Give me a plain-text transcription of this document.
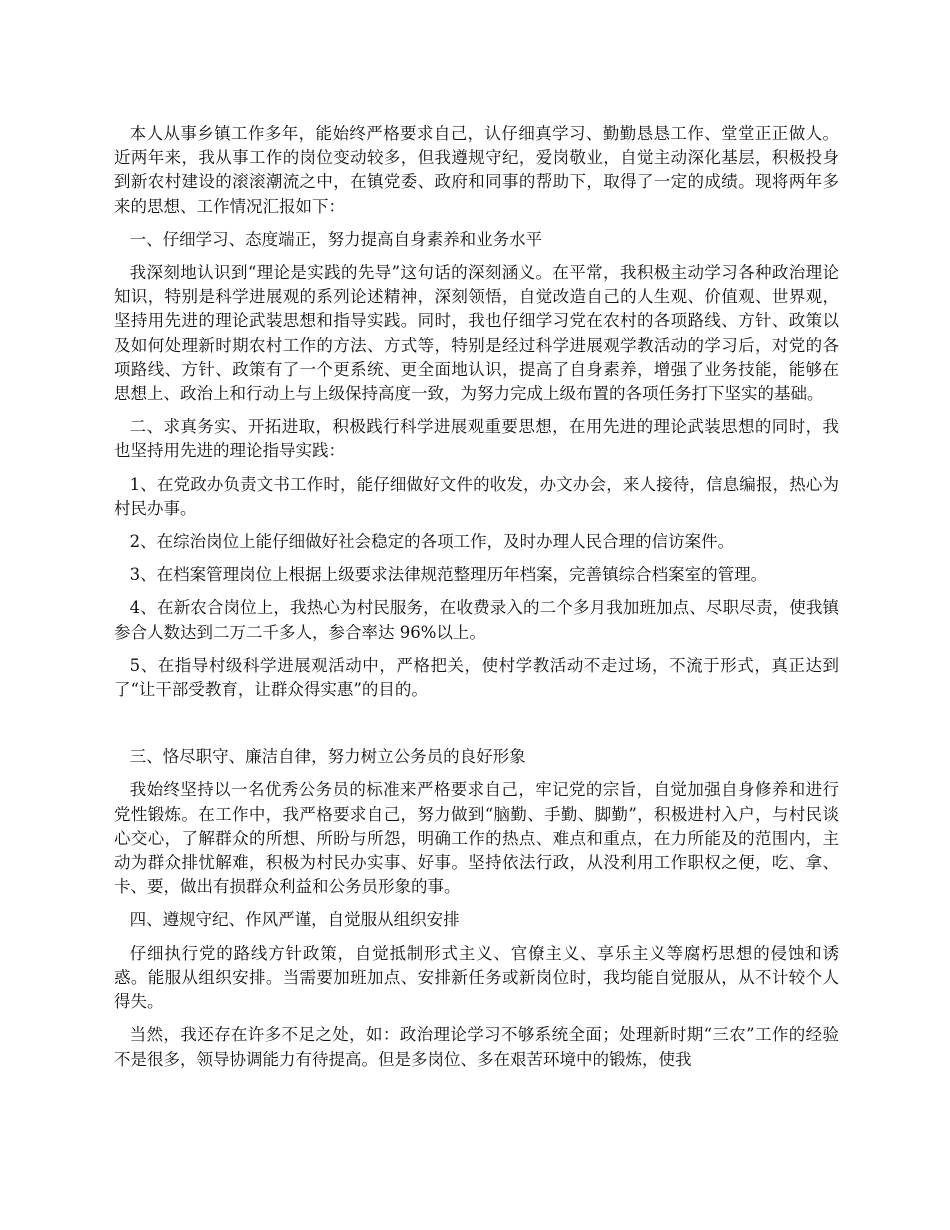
本人从事乡镇工作多年，能始终严格要求自己，认仔细真学习、勤勤恳恳工作、堂堂正正做人。近两年来，我从事工作的岗位变动较多，但我遵规守纪，爱岗敬业，自觉主动深化基层，积极投身到新农村建设的滚滚潮流之中，在镇党委、政府和同事的帮助下，取得了一定的成绩。现将两年多来的思想、工作情况汇报如下：

一、仔细学习、态度端正，努力提高自身素养和业务水平

我深刻地认识到“理论是实践的先导”这句话的深刻涵义。在平常，我积极主动学习各种政治理论知识，特别是科学进展观的系列论述精神，深刻领悟，自觉改造自己的人生观、价值观、世界观，坚持用先进的理论武装思想和指导实践。同时，我也仔细学习党在农村的各项路线、方针、政策以及如何处理新时期农村工作的方法、方式等，特别是经过科学进展观学教活动的学习后，对党的各项路线、方针、政策有了一个更系统、更全面地认识，提高了自身素养，增强了业务技能，能够在思想上、政治上和行动上与上级保持高度一致，为努力完成上级布置的各项任务打下坚实的基础。

二、求真务实、开拓进取，积极践行科学进展观重要思想，在用先进的理论武装思想的同时，我也坚持用先进的理论指导实践：

1、在党政办负责文书工作时，能仔细做好文件的收发，办文办会，来人接待，信息编报，热心为村民办事。

2、在综治岗位上能仔细做好社会稳定的各项工作，及时办理人民合理的信访案件。

3、在档案管理岗位上根据上级要求法律规范整理历年档案，完善镇综合档案室的管理。

4、在新农合岗位上，我热心为村民服务，在收费录入的二个多月我加班加点、尽职尽责，使我镇参合人数达到二万二千多人，参合率达 96%以上。

5、在指导村级科学进展观活动中，严格把关，使村学教活动不走过场，不流于形式，真正达到了“让干部受教育，让群众得实惠”的目的。

三、恪尽职守、廉洁自律，努力树立公务员的良好形象

我始终坚持以一名优秀公务员的标准来严格要求自己，牢记党的宗旨，自觉加强自身修养和进行党性锻炼。在工作中，我严格要求自己，努力做到“脑勤、手勤、脚勤”，积极进村入户，与村民谈心交心，了解群众的所想、所盼与所怨，明确工作的热点、难点和重点，在力所能及的范围内，主动为群众排忧解难，积极为村民办实事、好事。坚持依法行政，从没利用工作职权之便，吃、拿、卡、要，做出有损群众利益和公务员形象的事。

四、遵规守纪、作风严谨，自觉服从组织安排

仔细执行党的路线方针政策，自觉抵制形式主义、官僚主义、享乐主义等腐朽思想的侵蚀和诱惑。能服从组织安排。当需要加班加点、安排新任务或新岗位时，我均能自觉服从，从不计较个人得失。

当然，我还存在许多不足之处，如：政治理论学习不够系统全面；处理新时期“三农”工作的经验不是很多，领导协调能力有待提高。但是多岗位、多在艰苦环境中的锻炼，使我
